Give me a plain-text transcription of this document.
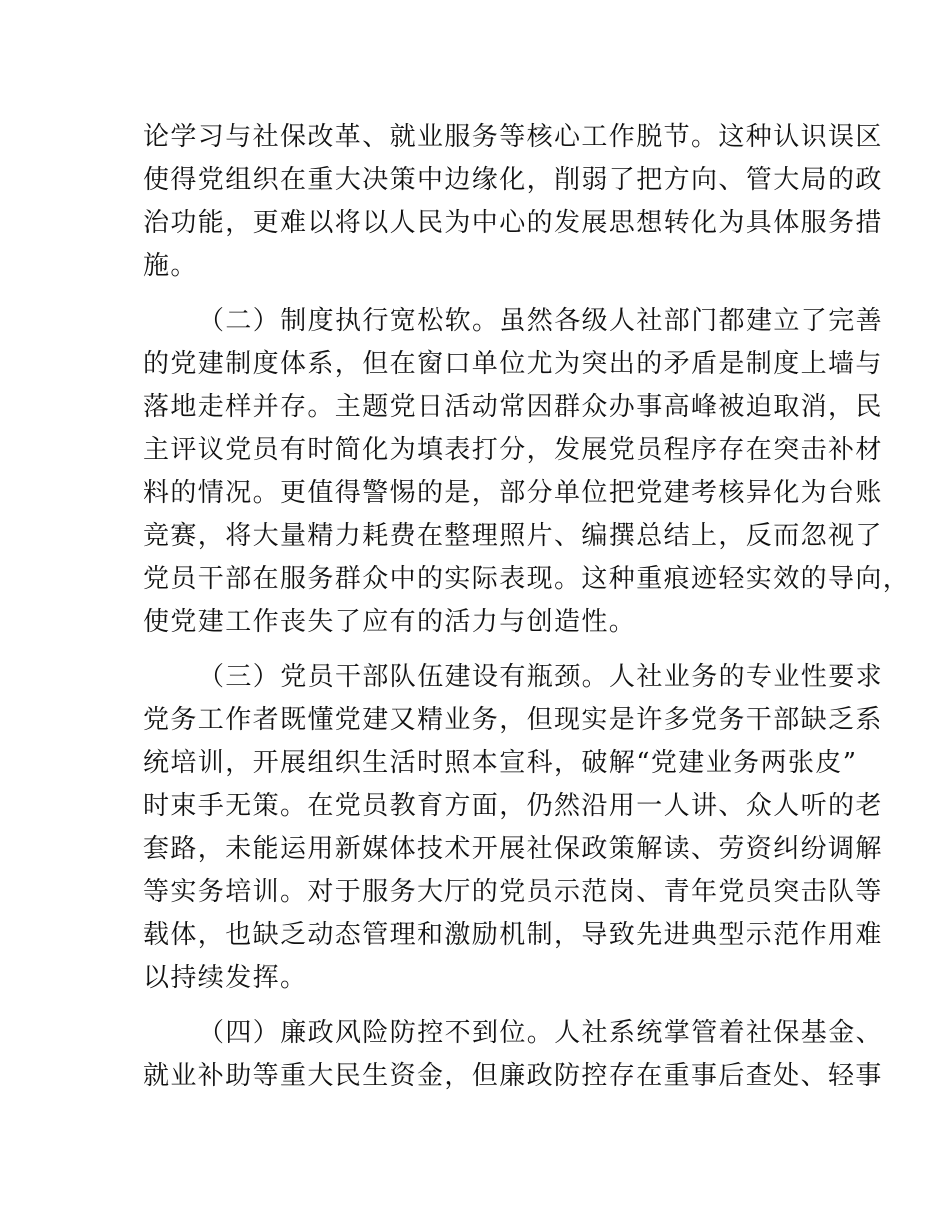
论学习与社保改革、就业服务等核心工作脱节。这种认识误区
使得党组织在重大决策中边缘化，削弱了把方向、管大局的政
治功能，更难以将以人民为中心的发展思想转化为具体服务措
施。
（二）制度执行宽松软。虽然各级人社部门都建立了完善
的党建制度体系，但在窗口单位尤为突出的矛盾是制度上墙与
落地走样并存。主题党日活动常因群众办事高峰被迫取消，民
主评议党员有时简化为填表打分，发展党员程序存在突击补材
料的情况。更值得警惕的是，部分单位把党建考核异化为台账
竞赛，将大量精力耗费在整理照片、编撰总结上，反而忽视了
党员干部在服务群众中的实际表现。这种重痕迹轻实效的导向，
使党建工作丧失了应有的活力与创造性。
（三）党员干部队伍建设有瓶颈。人社业务的专业性要求
党务工作者既懂党建又精业务，但现实是许多党务干部缺乏系
统培训，开展组织生活时照本宣科，破解“党建业务两张皮”
时束手无策。在党员教育方面，仍然沿用一人讲、众人听的老
套路，未能运用新媒体技术开展社保政策解读、劳资纠纷调解
等实务培训。对于服务大厅的党员示范岗、青年党员突击队等
载体，也缺乏动态管理和激励机制，导致先进典型示范作用难
以持续发挥。
（四）廉政风险防控不到位。人社系统掌管着社保基金、
就业补助等重大民生资金，但廉政防控存在重事后查处、轻事
